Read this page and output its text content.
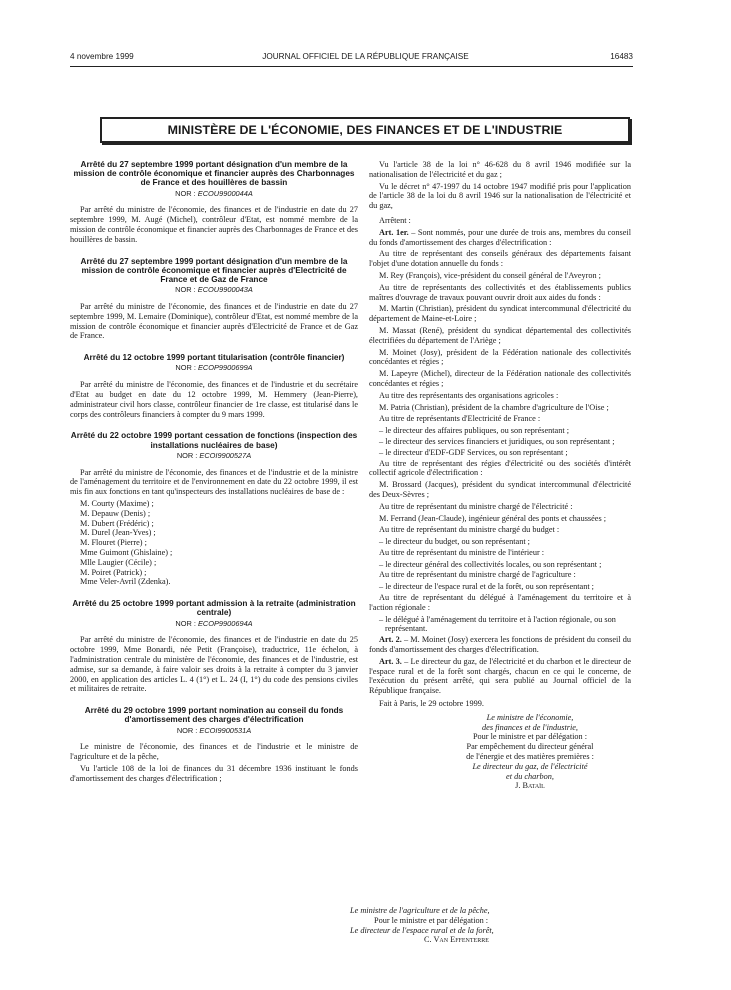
4 novembre 1999	JOURNAL OFFICIEL DE LA RÉPUBLIQUE FRANÇAISE	16483
MINISTÈRE DE L'ÉCONOMIE, DES FINANCES ET DE L'INDUSTRIE
Arrêté du 27 septembre 1999 portant désignation d'un membre de la mission de contrôle économique et financier auprès des Charbonnages de France et des houillères de bassin
NOR : ECOU9900044A

Par arrêté du ministre de l'économie, des finances et de l'industrie en date du 27 septembre 1999, M. Augé (Michel), contrôleur d'Etat, est nommé membre de la mission de contrôle économique et financier auprès des Charbonnages de France et des houillères de bassin.

Arrêté du 27 septembre 1999 portant désignation d'un membre de la mission de contrôle économique et financier auprès d'Electricité de France et de Gaz de France
NOR : ECOU9900043A

Par arrêté du ministre de l'économie, des finances et de l'industrie en date du 27 septembre 1999, M. Lemaire (Dominique), contrôleur d'Etat, est nommé membre de la mission de contrôle économique et financier auprès d'Electricité de France et de Gaz de France.

Arrêté du 12 octobre 1999 portant titularisation (contrôle financier)
NOR : ECOP9900699A

Par arrêté du ministre de l'économie, des finances et de l'industrie et du secrétaire d'Etat au budget en date du 12 octobre 1999, M. Hemmery (Jean-Pierre), administrateur civil hors classe, contrôleur financier de 1re classe, est titularisé dans le corps des contrôleurs financiers à compter du 9 mars 1999.

Arrêté du 22 octobre 1999 portant cessation de fonctions (inspection des installations nucléaires de base)
NOR : ECOI9900527A

Par arrêté du ministre de l'économie, des finances et de l'industrie et de la ministre de l'aménagement du territoire et de l'environnement en date du 22 octobre 1999, il est mis fin aux fonctions en tant qu'inspecteurs des installations nucléaires de base de :

M. Courty (Maxime) ;
M. Depauw (Denis) ;
M. Dubert (Frédéric) ;
M. Durel (Jean-Yves) ;
M. Flouret (Pierre) ;
Mme Guimont (Ghislaine) ;
Mlle Laugier (Cécile) ;
M. Poiret (Patrick) ;
Mme Veler-Avril (Zdenka).
Arrêté du 25 octobre 1999 portant admission à la retraite (administration centrale)
NOR : ECOP9900694A

Par arrêté du ministre de l'économie, des finances et de l'industrie en date du 25 octobre 1999, Mme Bonardi, née Petit (Françoise), traductrice, 11e échelon, à l'administration centrale du ministère de l'économie, des finances et de l'industrie, est admise, sur sa demande, à faire valoir ses droits à la retraite à compter du 3 janvier 2000, en application des articles L. 4 (1°) et L. 24 (I, 1°) du code des pensions civiles et militaires de retraite.

Arrêté du 29 octobre 1999 portant nomination au conseil du fonds d'amortissement des charges d'électrification
NOR : ECOI9900531A

Le ministre de l'économie, des finances et de l'industrie et le ministre de l'agriculture et de la pêche,

Vu l'article 108 de la loi de finances du 31 décembre 1936 instituant le fonds d'amortissement des charges d'électrification ;

Vu l'article 38 de la loi n° 46-628 du 8 avril 1946 modifiée sur la nationalisation de l'électricité et du gaz ;

Vu le décret n° 47-1997 du 14 octobre 1947 modifié pris pour l'application de l'article 38 de la loi du 8 avril 1946 sur la nationalisation de l'électricité et du gaz,

Arrêtent :

Art. 1er. – Sont nommés, pour une durée de trois ans, membres du conseil du fonds d'amortissement des charges d'électrification :

Au titre de représentant des conseils généraux des départements faisant l'objet d'une dotation annuelle du fonds :

M. Rey (François), vice-président du conseil général de l'Aveyron ;

Au titre de représentants des collectivités et des établissements publics maîtres d'ouvrage de travaux pouvant ouvrir droit aux aides du fonds :

M. Martin (Christian), président du syndicat intercommunal d'électricité du département de Maine-et-Loire ;

M. Massat (René), président du syndicat départemental des collectivités électrifiées du département de l'Ariège ;

M. Moinet (Josy), président de la Fédération nationale des collectivités concédantes et régies ;

M. Lapeyre (Michel), directeur de la Fédération nationale des collectivités concédantes et régies ;

Au titre des représentants des organisations agricoles :

M. Patria (Christian), président de la chambre d'agriculture de l'Oise ;

Au titre de représentants d'Electricité de France :

– le directeur des affaires publiques, ou son représentant ;
– le directeur des services financiers et juridiques, ou son représentant ;
– le directeur d'EDF-GDF Services, ou son représentant ;

Au titre de représentant des régies d'électricité ou des sociétés d'intérêt collectif agricole d'électrification :

M. Brossard (Jacques), président du syndicat intercommunal d'électricité des Deux-Sèvres ;

Au titre de représentant du ministre chargé de l'électricité :

M. Ferrand (Jean-Claude), ingénieur général des ponts et chaussées ;

Au titre de représentant du ministre chargé du budget :

– le directeur du budget, ou son représentant ;

Au titre de représentant du ministre de l'intérieur :

– le directeur général des collectivités locales, ou son représentant ;

Au titre de représentant du ministre chargé de l'agriculture :

– le directeur de l'espace rural et de la forêt, ou son représentant ;

Au titre de représentant du délégué à l'aménagement du territoire et à l'action régionale :

– le délégué à l'aménagement du territoire et à l'action régionale, ou son représentant.

Art. 2. – M. Moinet (Josy) exercera les fonctions de président du conseil du fonds d'amortissement des charges d'électrification.

Art. 3. – Le directeur du gaz, de l'électricité et du charbon et le directeur de l'espace rural et de la forêt sont chargés, chacun en ce qui le concerne, de l'exécution du présent arrêté, qui sera publié au Journal officiel de la République française.

Fait à Paris, le 29 octobre 1999.

Le ministre de l'économie,
des finances et de l'industrie,
Pour le ministre et par délégation :
Par empêchement du directeur général
de l'énergie et des matières premières :
Le directeur du gaz, de l'électricité
et du charbon,
J. Bataïl
Le ministre de l'agriculture et de la pêche,
Pour le ministre et par délégation :
Le directeur de l'espace rural et de la forêt,
C. Van Effenterre
